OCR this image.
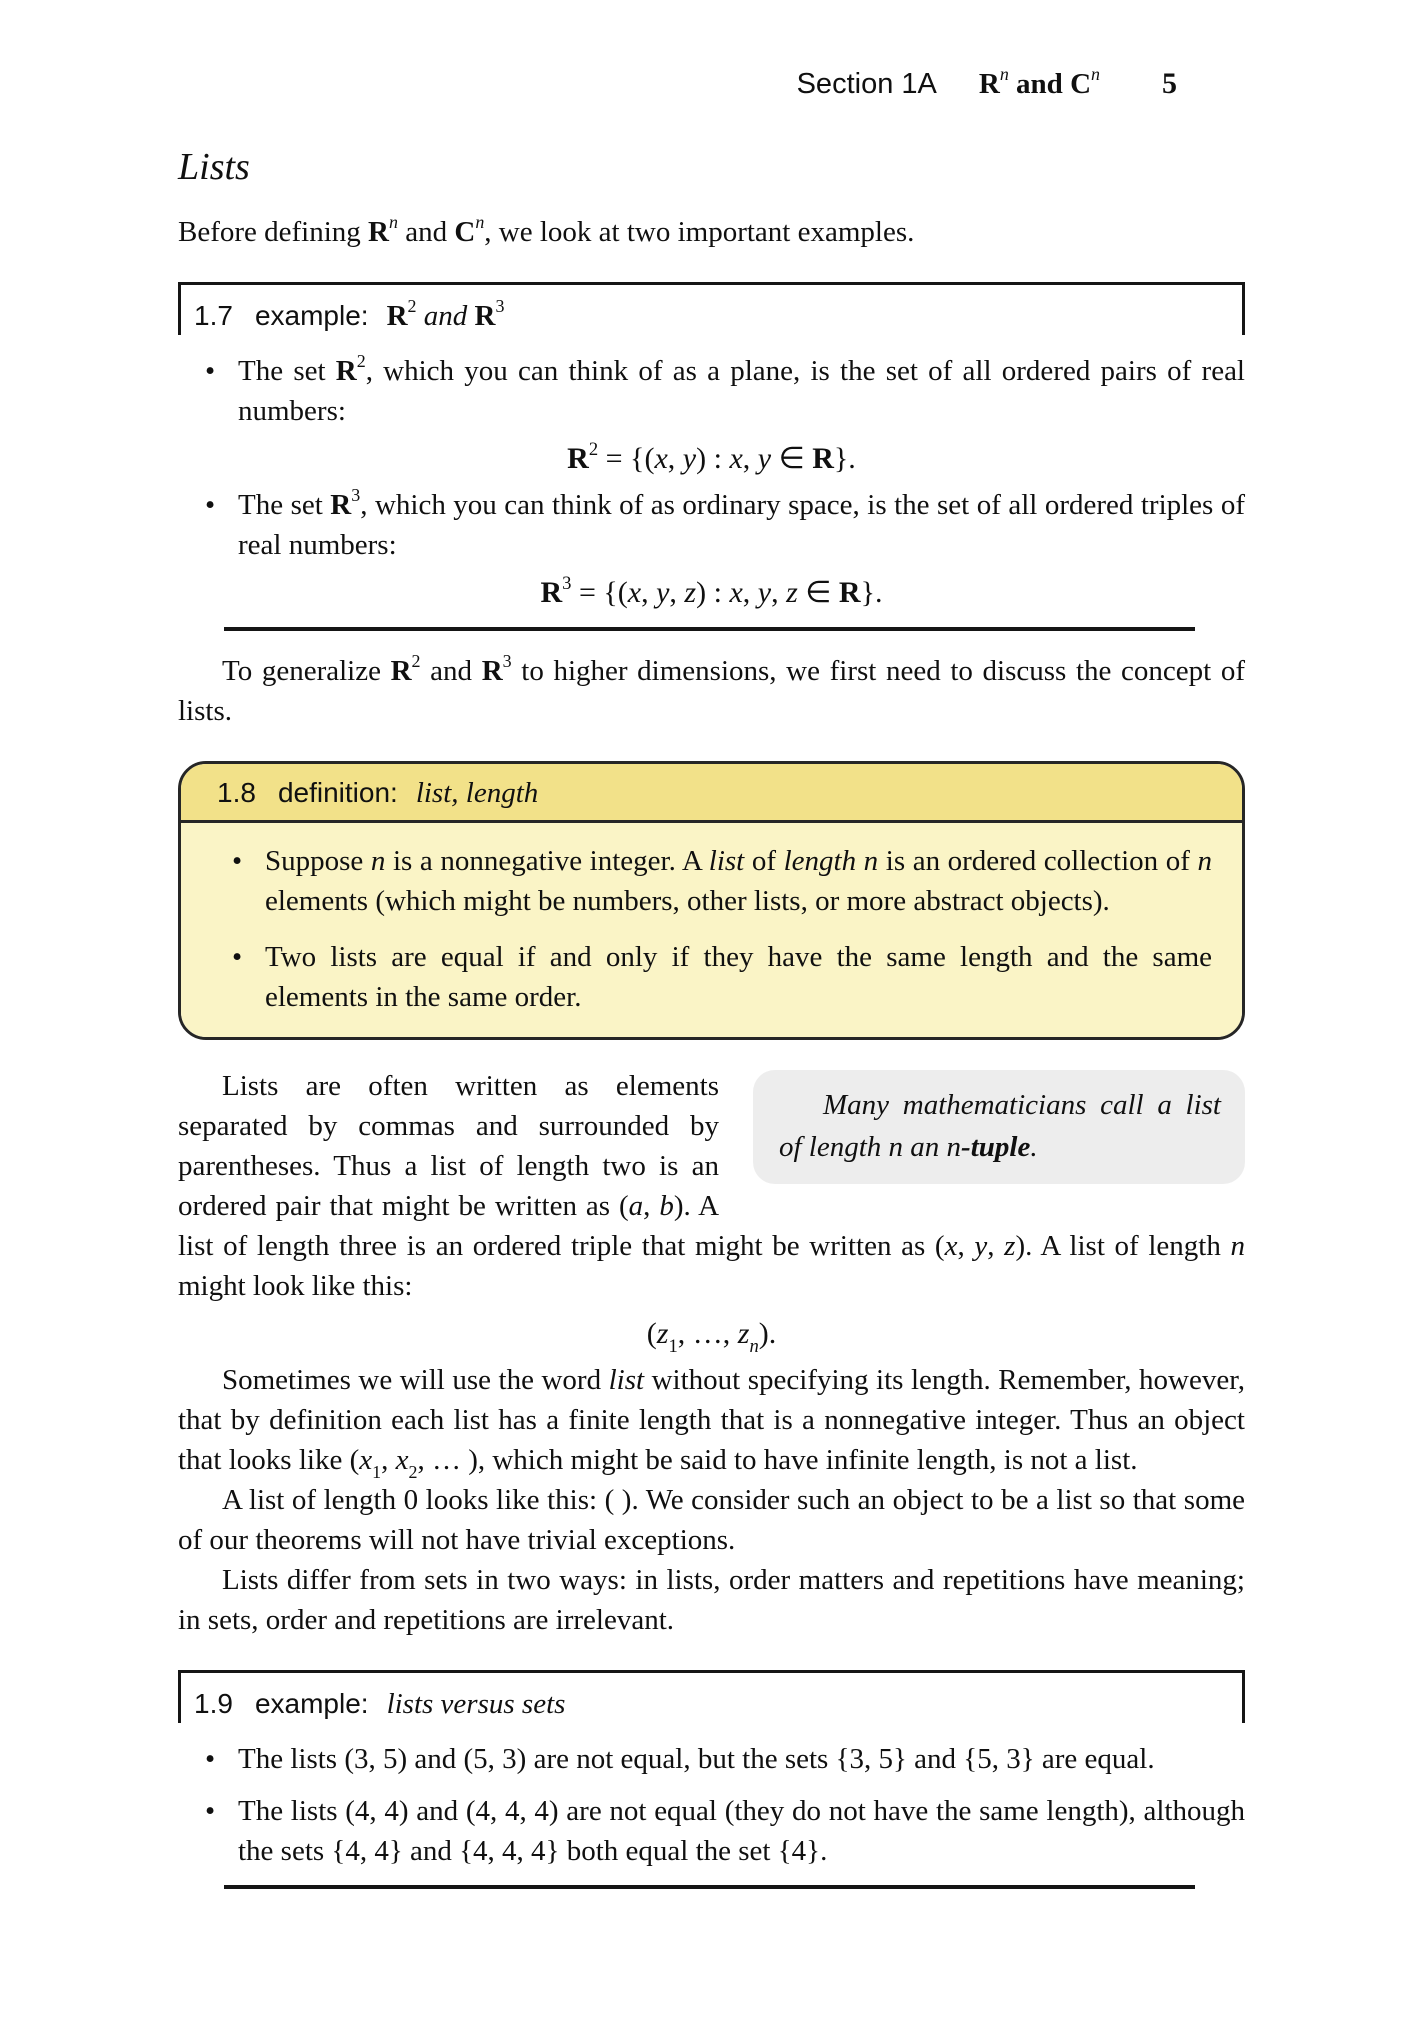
Section 1A $R^n$ and $C^n$ 5
Lists
Before defining $R^n$ and $C^n$, we look at two important examples.
1.7 example: $R^2$ and $R^3$
• The set $R^2$, which you can think of as a plane, is the set of all ordered pairs of real numbers:
$R^2 = \{(x$, y) : x, y ∈ R}.
• The set $R^3$, which you can think of as ordinary space, is the set of all ordered triples of real numbers:
$R^3 = \{(x$, y, z) : x, y, z ∈ R}.
To generalize $R^2$ and $R^3$ to higher dimensions, we first need to discuss the concept of lists.
1.8 definition: list, length
• Suppose n is a nonnegative integer. A list of length n is an ordered collection of n elements (which might be numbers, other lists, or more abstract objects).
• Two lists are equal if and only if they have the same length and the same elements in the same order.
Many mathematicians call a list of length n an n-tuple.
Lists are often written as elements separated by commas and surrounded by parentheses. Thus a list of length two is an ordered pair that might be written as (a, b). A list of length three is an ordered triple that might be written as (x, y, z). A list of length n might look like this:
($z_1$, …, $z_n$).
Sometimes we will use the word list without specifying its length. Remember, however, that by definition each list has a finite length that is a nonnegative integer. Thus an object that looks like ($x_1$, $x_2$, … ), which might be said to have infinite length, is not a list.
A list of length 0 looks like this: ( ). We consider such an object to be a list so that some of our theorems will not have trivial exceptions.
Lists differ from sets in two ways: in lists, order matters and repetitions have meaning; in sets, order and repetitions are irrelevant.
1.9 example: lists versus sets
• The lists (3, 5) and (5, 3) are not equal, but the sets {3, 5} and {5, 3} are equal.
• The lists (4, 4) and (4, 4, 4) are not equal (they do not have the same length), although the sets {4, 4} and {4, 4, 4} both equal the set {4}.
